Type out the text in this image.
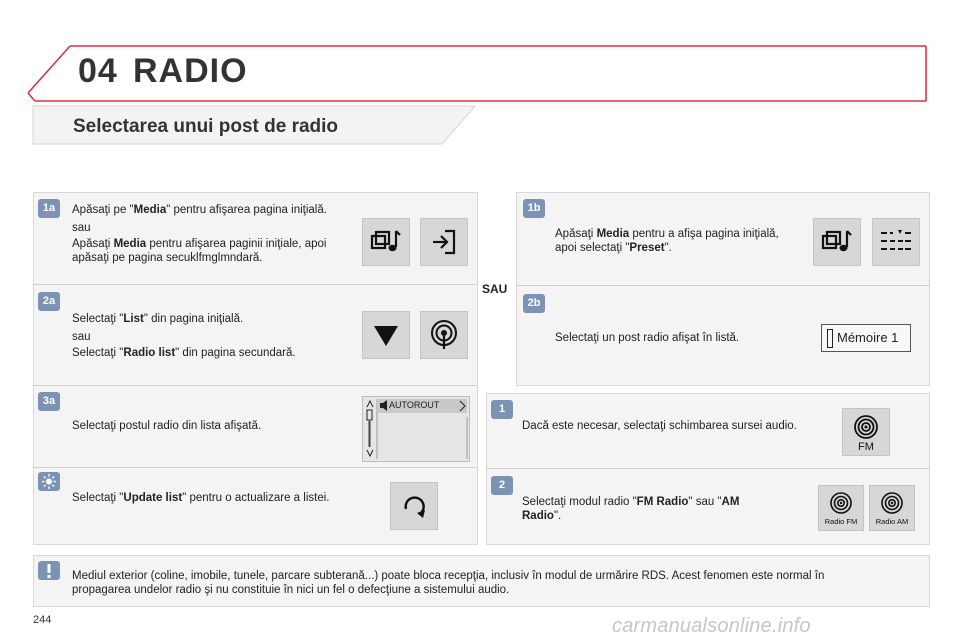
04 RADIO
Selectarea unui post de radio
1a	Apăsaţi pe "Media" pentru afişarea pagina iniţială.
sau
Apăsaţi Media pentru afişarea paginii iniţiale, apoi apăsaţi pe pagina secuklfmglmndară.
2a
Selectaţi "List" din pagina iniţială.
sau
Selectaţi "Radio list" din pagina secundară.
3a
Selectaţi postul radio din lista afişată.
AUTOROUT
Selectaţi "Update list" pentru o actualizare a listei.
SAU
1b
Apăsaţi Media pentru a afişa pagina iniţială, apoi selectaţi "Preset".
2b
Selectaţi un post radio afişat în listă.	Mémoire 1
1
Dacă este necesar, selectaţi schimbarea sursei audio.
FM
2
Selectaţi modul radio "FM Radio" sau "AM Radio".	Radio FM	Radio AM
Mediul exterior (coline, imobile, tunele, parcare subterană...) poate bloca recepţia, inclusiv în modul de urmărire RDS. Acest fenomen este normal în propagarea undelor radio şi nu constituie în nici un fel o defecţiune a sistemului audio.
244	carmanualsonline.info
